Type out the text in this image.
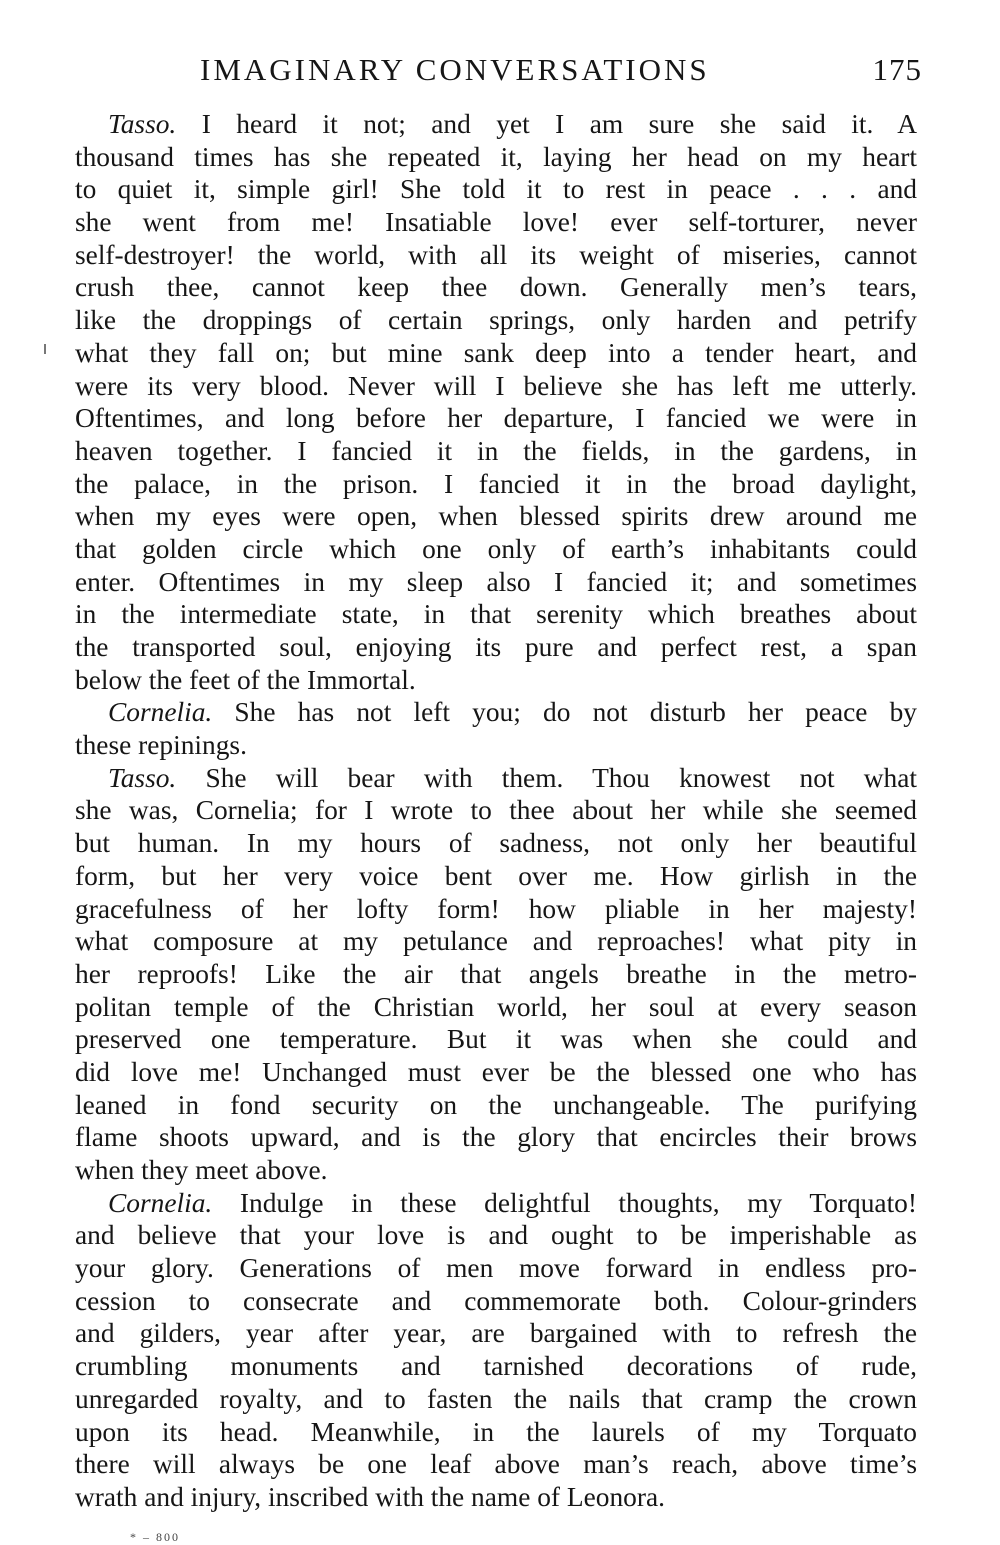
IMAGINARY CONVERSATIONS	175
Tasso. I heard it not; and yet I am sure she said it. A
thousand times has she repeated it, laying her head on my heart
to quiet it, simple girl! She told it to rest in peace . . . and
she went from me! Insatiable love! ever self-torturer, never
self-destroyer! the world, with all its weight of miseries, cannot
crush thee, cannot keep thee down. Generally men’s tears,
like the droppings of certain springs, only harden and petrify
what they fall on; but mine sank deep into a tender heart, and
were its very blood. Never will I believe she has left me utterly.
Oftentimes, and long before her departure, I fancied we were in
heaven together. I fancied it in the fields, in the gardens, in
the palace, in the prison. I fancied it in the broad daylight,
when my eyes were open, when blessed spirits drew around me
that golden circle which one only of earth’s inhabitants could
enter. Oftentimes in my sleep also I fancied it; and sometimes
in the intermediate state, in that serenity which breathes about
the transported soul, enjoying its pure and perfect rest, a span
below the feet of the Immortal.
Cornelia. She has not left you; do not disturb her peace by
these repinings.
Tasso. She will bear with them. Thou knowest not what
she was, Cornelia; for I wrote to thee about her while she seemed
but human. In my hours of sadness, not only her beautiful
form, but her very voice bent over me. How girlish in the
gracefulness of her lofty form! how pliable in her majesty!
what composure at my petulance and reproaches! what pity in
her reproofs! Like the air that angels breathe in the metro-
politan temple of the Christian world, her soul at every season
preserved one temperature. But it was when she could and
did love me! Unchanged must ever be the blessed one who has
leaned in fond security on the unchangeable. The purifying
flame shoots upward, and is the glory that encircles their brows
when they meet above.
Cornelia. Indulge in these delightful thoughts, my Torquato!
and believe that your love is and ought to be imperishable as
your glory. Generations of men move forward in endless pro-
cession to consecrate and commemorate both. Colour-grinders
and gilders, year after year, are bargained with to refresh the
crumbling monuments and tarnished decorations of rude,
unregarded royalty, and to fasten the nails that cramp the crown
upon its head. Meanwhile, in the laurels of my Torquato
there will always be one leaf above man’s reach, above time’s
wrath and injury, inscribed with the name of Leonora.
* – 800
